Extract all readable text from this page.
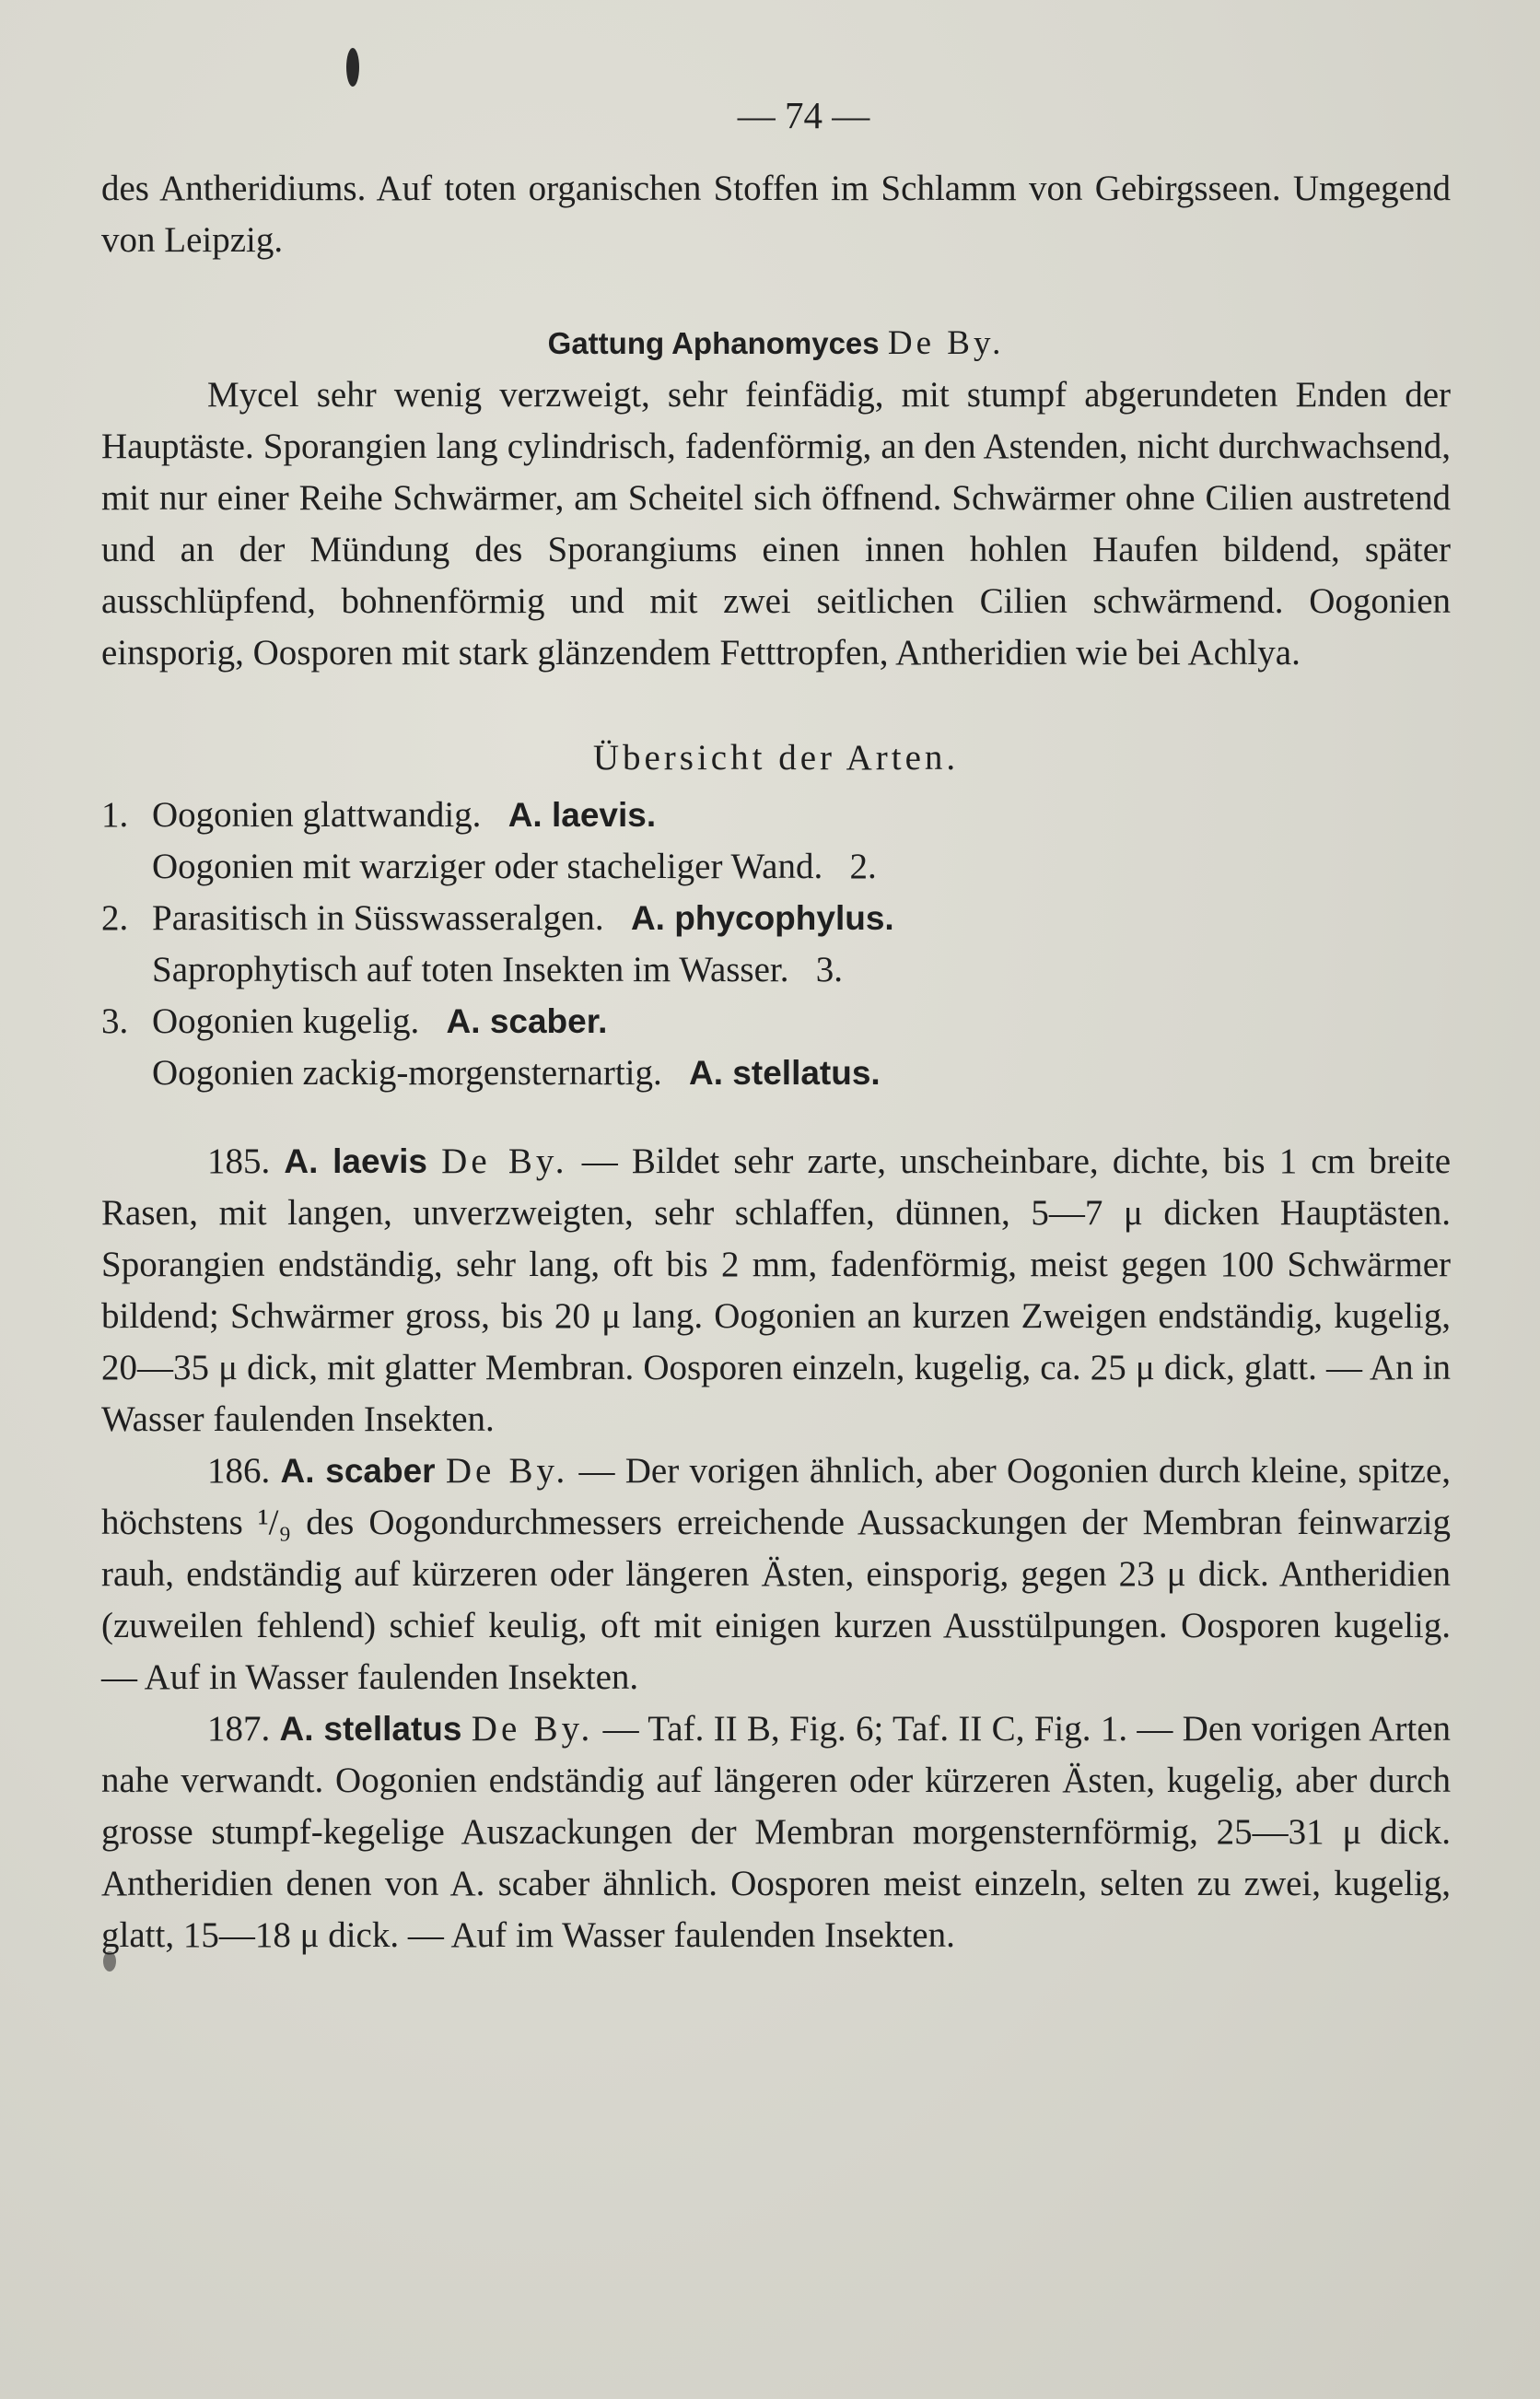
— 74 —

des Antheridiums. Auf toten organischen Stoffen im Schlamm von Gebirgsseen. Umgegend von Leipzig.

Gattung Aphanomyces De By.

Mycel sehr wenig verzweigt, sehr feinfädig, mit stumpf abgerundeten Enden der Hauptäste. Sporangien lang cylindrisch, fadenförmig, an den Astenden, nicht durchwachsend, mit nur einer Reihe Schwärmer, am Scheitel sich öffnend. Schwärmer ohne Cilien austretend und an der Mündung des Sporangiums einen innen hohlen Haufen bildend, später ausschlüpfend, bohnenförmig und mit zwei seitlichen Cilien schwärmend. Oogonien einsporig, Oosporen mit stark glänzendem Fetttropfen, Antheridien wie bei Achlya.

Übersicht der Arten.
1. Oogonien glattwandig. A. laevis.
Oogonien mit warziger oder stacheliger Wand. 2.
2. Parasitisch in Süsswasseralgen. A. phycophylus.
Saprophytisch auf toten Insekten im Wasser. 3.
3. Oogonien kugelig. A. scaber.
Oogonien zackig-morgensternartig. A. stellatus.

185. A. laevis De By. — Bildet sehr zarte, unscheinbare, dichte, bis 1 cm breite Rasen, mit langen, unverzweigten, sehr schlaffen, dünnen, 5—7 μ dicken Hauptästen. Sporangien endständig, sehr lang, oft bis 2 mm, fadenförmig, meist gegen 100 Schwärmer bildend; Schwärmer gross, bis 20 μ lang. Oogonien an kurzen Zweigen endständig, kugelig, 20—35 μ dick, mit glatter Membran. Oosporen einzeln, kugelig, ca. 25 μ dick, glatt. — An in Wasser faulenden Insekten.

186. A. scaber De By. — Der vorigen ähnlich, aber Oogonien durch kleine, spitze, höchstens ¹/₉ des Oogondurchmessers erreichende Aussackungen der Membran feinwarzig rauh, endständig auf kürzeren oder längeren Ästen, einsporig, gegen 23 μ dick. Antheridien (zuweilen fehlend) schief keulig, oft mit einigen kurzen Ausstülpungen. Oosporen kugelig. — Auf in Wasser faulenden Insekten.

187. A. stellatus De By. — Taf. II B, Fig. 6; Taf. II C, Fig. 1. — Den vorigen Arten nahe verwandt. Oogonien endständig auf längeren oder kürzeren Ästen, kugelig, aber durch grosse stumpf-kegelige Auszackungen der Membran morgensternförmig, 25—31 μ dick. Antheridien denen von A. scaber ähnlich. Oosporen meist einzeln, selten zu zwei, kugelig, glatt, 15—18 μ dick. — Auf im Wasser faulenden Insekten.
